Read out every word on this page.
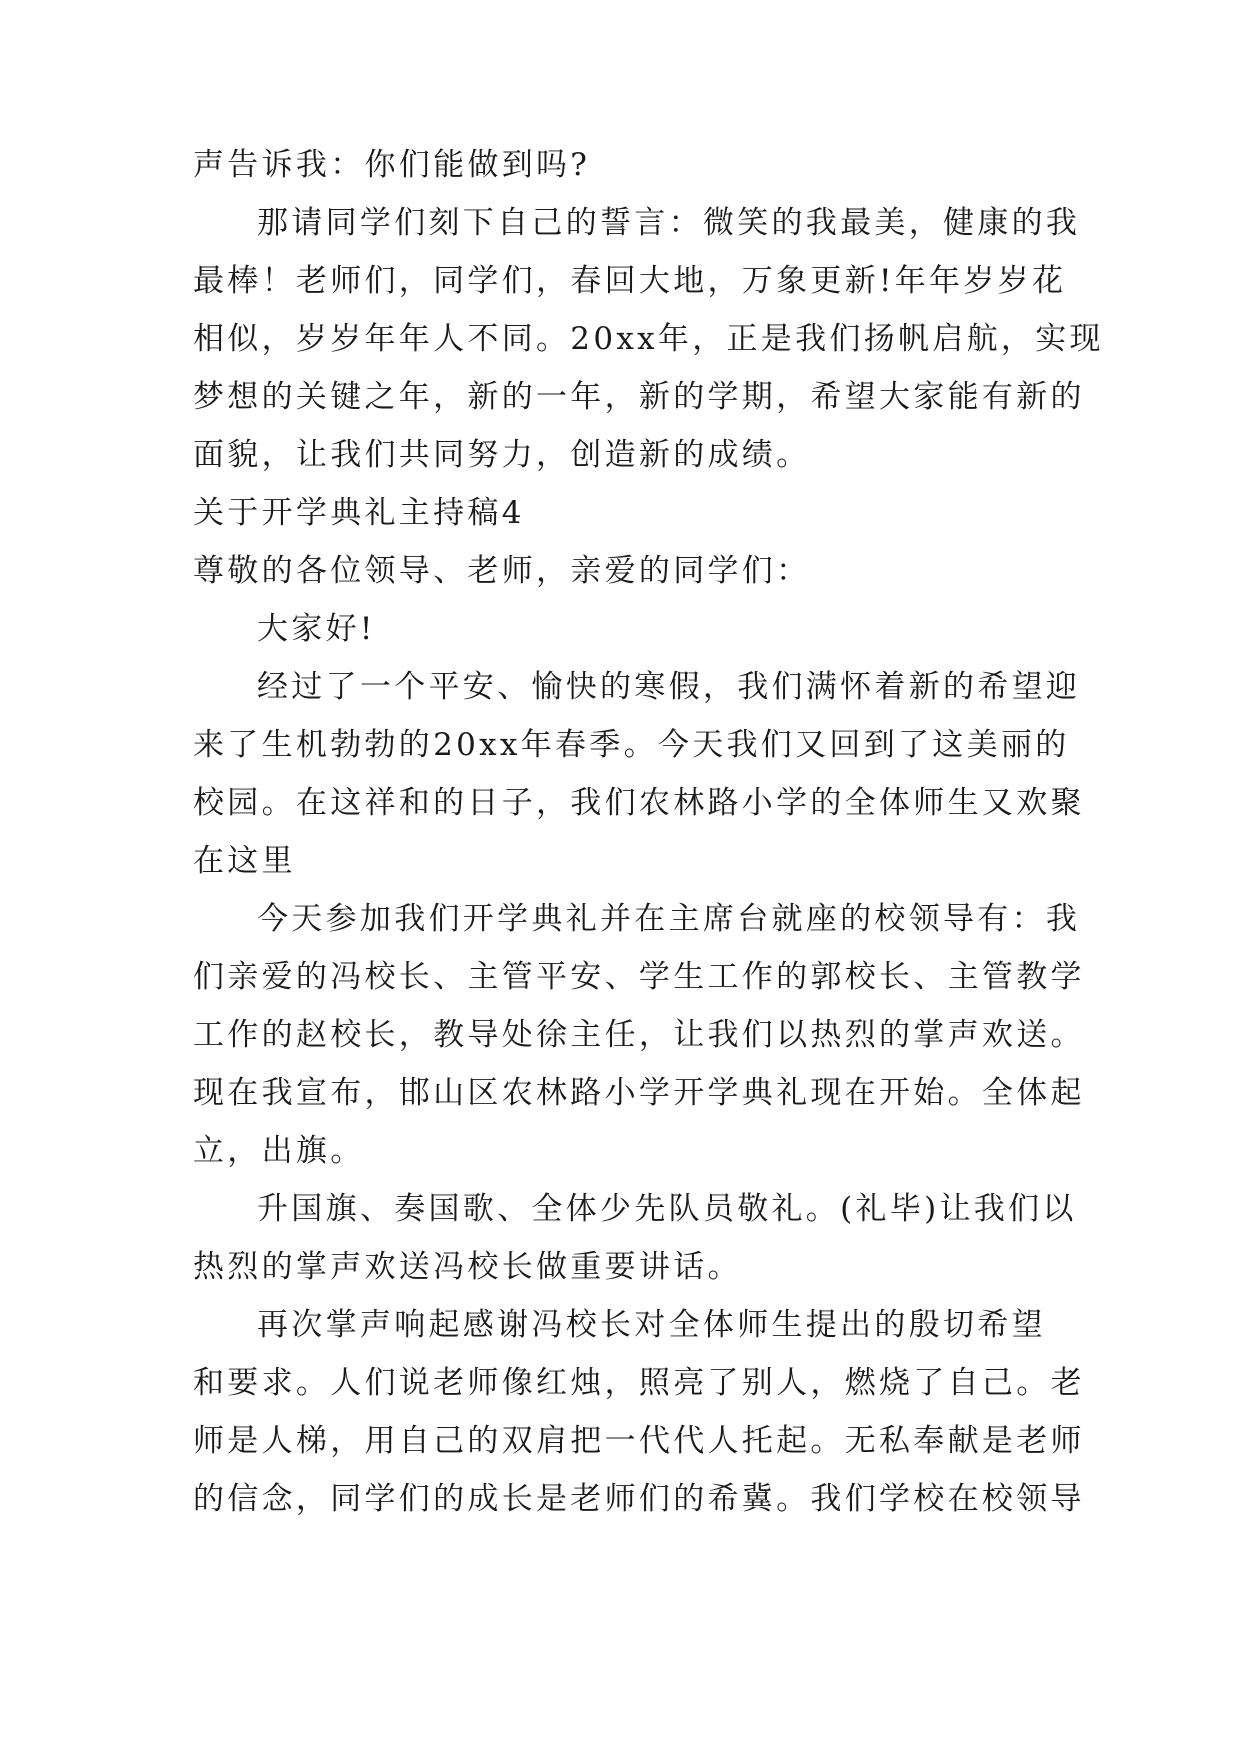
声告诉我：你们能做到吗?
那请同学们刻下自己的誓言：微笑的我最美，健康的我
最棒！老师们，同学们，春回大地，万象更新!年年岁岁花
相似，岁岁年年人不同。20xx年，正是我们扬帆启航，实现
梦想的关键之年，新的一年，新的学期，希望大家能有新的
面貌，让我们共同努力，创造新的成绩。
关于开学典礼主持稿4
尊敬的各位领导、老师，亲爱的同学们：
大家好!
经过了一个平安、愉快的寒假，我们满怀着新的希望迎
来了生机勃勃的20xx年春季。今天我们又回到了这美丽的
校园。在这祥和的日子，我们农林路小学的全体师生又欢聚
在这里
今天参加我们开学典礼并在主席台就座的校领导有：我
们亲爱的冯校长、主管平安、学生工作的郭校长、主管教学
工作的赵校长，教导处徐主任，让我们以热烈的掌声欢送。
现在我宣布，邯山区农林路小学开学典礼现在开始。全体起
立，出旗。
升国旗、奏国歌、全体少先队员敬礼。(礼毕)让我们以
热烈的掌声欢送冯校长做重要讲话。
再次掌声响起感谢冯校长对全体师生提出的殷切希望
和要求。人们说老师像红烛，照亮了别人，燃烧了自己。老
师是人梯，用自己的双肩把一代代人托起。无私奉献是老师
的信念，同学们的成长是老师们的希冀。我们学校在校领导
